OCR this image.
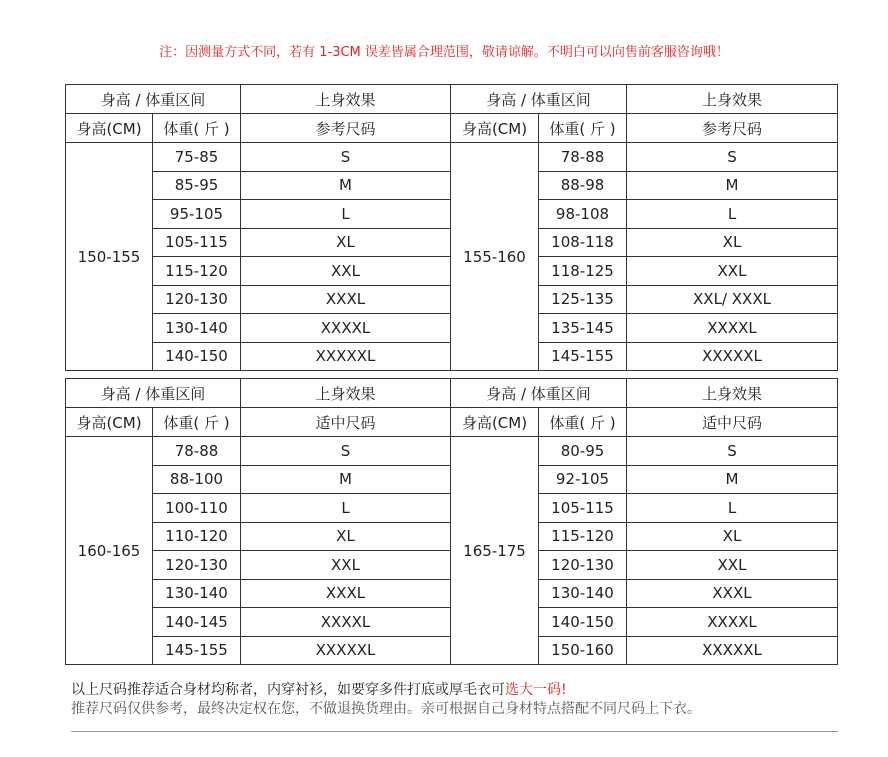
注：因测量方式不同，若有 1-3CM 误差皆属合理范围，敬请谅解。不明白可以向售前客服咨询哦！
身高 / 体重区间		上身效果	身高 / 体重区间		上身效果
身高(CM)	体重( 斤 )	参考尺码	身高(CM)	体重( 斤 )	参考尺码
150-155	75-85	S	155-160	78-88	S
	85-95	M		88-98	M
	95-105	L		98-108	L
	105-115	XL		108-118	XL
	115-120	XXL		118-125	XXL
	120-130	XXXL		125-135	XXL/ XXXL
	130-140	XXXXL		135-145	XXXXL
	140-150	XXXXXL		145-155	XXXXXL
身高 / 体重区间		上身效果	身高 / 体重区间		上身效果
身高(CM)	体重( 斤 )	适中尺码	身高(CM)	体重( 斤 )	适中尺码
160-165	78-88	S	165-175	80-95	S
	88-100	M		92-105	M
	100-110	L		105-115	L
	110-120	XL		115-120	XL
	120-130	XXL		120-130	XXL
	130-140	XXXL		130-140	XXXL
	140-145	XXXXL		140-150	XXXXL
	145-155	XXXXXL		150-160	XXXXXL
以上尺码推荐适合身材均称者，内穿衬衫，如要穿多件打底或厚毛衣可选大一码!
推荐尺码仅供参考，最终决定权在您，不做退换货理由。亲可根据自己身材特点搭配不同尺码上下衣。
